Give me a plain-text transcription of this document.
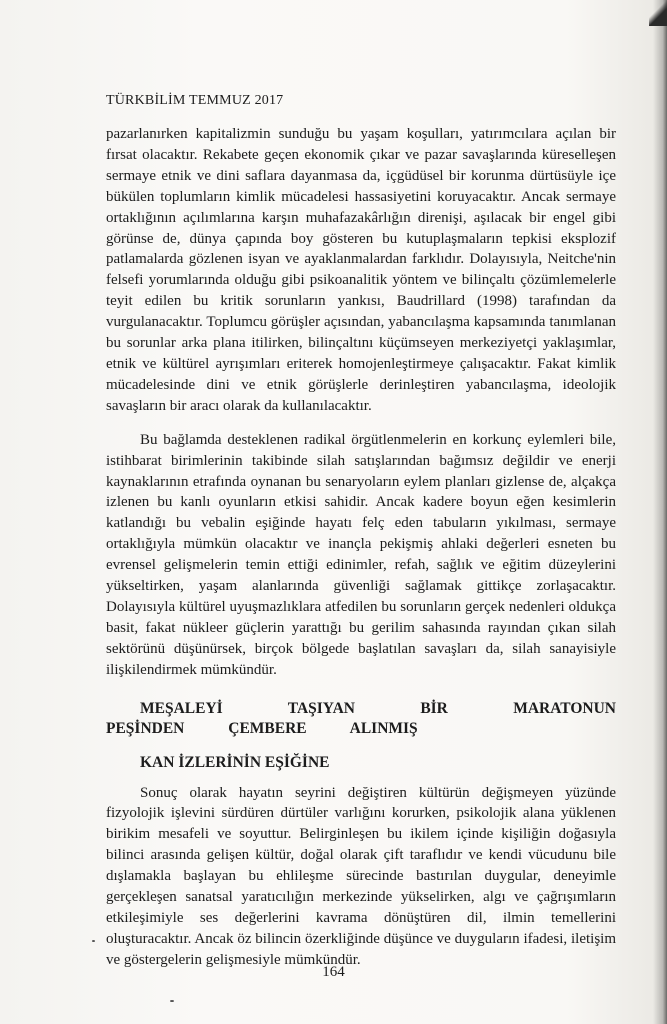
TÜRKBİLİM TEMMUZ 2017

pazarlanırken kapitalizmin sunduğu bu yaşam koşulları, yatırımcılara açılan bir fırsat olacaktır. Rekabete geçen ekonomik çıkar ve pazar savaşlarında küreselleşen sermaye etnik ve dini saflara dayanmasa da, içgüdüsel bir korunma dürtüsüyle içe bükülen toplumların kimlik mücadelesi hassasiyetini koruyacaktır. Ancak sermaye ortaklığının açılımlarına karşın muhafazakârlığın direnişi, aşılacak bir engel gibi görünse de, dünya çapında boy gösteren bu kutuplaşmaların tepkisi eksplozif patlamalarda gözlenen isyan ve ayaklanmalardan farklıdır. Dolayısıyla, Neitche'nin felsefi yorumlarında olduğu gibi psikoanalitik yöntem ve bilinçaltı çözümlemelerle teyit edilen bu kritik sorunların yankısı, Baudrillard (1998) tarafından da vurgulanacaktır. Toplumcu görüşler açısından, yabancılaşma kapsamında tanımlanan bu sorunlar arka plana itilirken, bilinçaltını küçümseyen merkeziyetçi yaklaşımlar, etnik ve kültürel ayrışımları eriterek homojenleştirmeye çalışacaktır. Fakat kimlik mücadelesinde dini ve etnik görüşlerle derinleştiren yabancılaşma, ideolojik savaşların bir aracı olarak da kullanılacaktır.

Bu bağlamda desteklenen radikal örgütlenmelerin en korkunç eylemleri bile, istihbarat birimlerinin takibinde silah satışlarından bağımsız değildir ve enerji kaynaklarının etrafında oynanan bu senaryoların eylem planları gizlense de, alçakça izlenen bu kanlı oyunların etkisi sahidir. Ancak kadere boyun eğen kesimlerin katlandığı bu vebalin eşiğinde hayatı felç eden tabuların yıkılması, sermaye ortaklığıyla mümkün olacaktır ve inançla pekişmiş ahlaki değerleri esneten bu evrensel gelişmelerin temin ettiği edinimler, refah, sağlık ve eğitim düzeylerini yükseltirken, yaşam alanlarında güvenliği sağlamak gittikçe zorlaşacaktır. Dolayısıyla kültürel uyuşmazlıklara atfedilen bu sorunların gerçek nedenleri oldukça basit, fakat nükleer güçlerin yarattığı bu gerilim sahasında rayından çıkan silah sektörünü düşünürsek, birçok bölgede başlatılan savaşları da, silah sanayisiyle ilişkilendirmek mümkündür.

MEŞALEYİ TAŞIYAN BİR MARATONUN PEŞİNDEN ÇEMBERE ALINMIŞ
KAN İZLERİNİN EŞİĞİNE

Sonuç olarak hayatın seyrini değiştiren kültürün değişmeyen yüzünde fizyolojik işlevini sürdüren dürtüler varlığını korurken, psikolojik alana yüklenen birikim mesafeli ve soyuttur. Belirginleşen bu ikilem içinde kişiliğin doğasıyla bilinci arasında gelişen kültür, doğal olarak çift taraflıdır ve kendi vücudunu bile dışlamakla başlayan bu ehlileşme sürecinde bastırılan duygular, deneyimle gerçekleşen sanatsal yaratıcılığın merkezinde yükselirken, algı ve çağrışımların etkileşimiyle ses değerlerini kavrama dönüştüren dil, ilmin temellerini oluşturacaktır. Ancak öz bilincin özerkliğinde düşünce ve duyguların ifadesi, iletişim ve göstergelerin gelişmesiyle mümkündür.

164
